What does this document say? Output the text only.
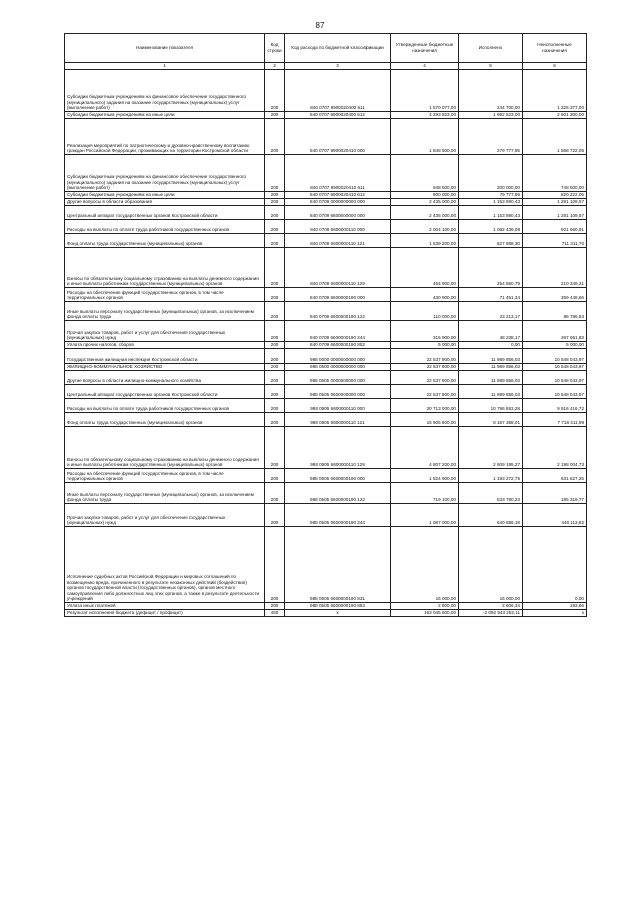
87
Наименование показателя	Код строки	Код расхода по бюджетной классификации	Утвержденные бюджетные назначения	Исполнено	Неисполненные назначения
1	2	3	4	5	6
Субсидии бюджетным учреждениям на финансовое обеспечение государственного (муниципального) задания на оказание государственных (муниципальных) услуг (выполнение работ)	200	840 0707 9900020400 611	1 570 077,00	244 700,00	1 325 377,00
Субсидии бюджетным учреждениям на иные цели	200	840 0707 9900020400 612	4 293 823,00	1 692 523,00	2 601 300,00
Реализация мероприятий по патриотическому и духовно-нравственному воспитанию граждан Российской Федерации, проживающих на территории Костромской области	200	840 0707 9900020410 000	1 848 500,00	279 777,95	1 568 722,05
Субсидии бюджетным учреждениям на финансовое обеспечение государственного (муниципального) задания на оказание государственных (муниципальных) услуг (выполнение работ)	200	840 0707 9900020410 611	948 500,00	200 000,00	748 500,00
Субсидии бюджетным учреждениям на иные цели	200	840 0707 9900020410 612	900 000,00	79 777,95	820 222,05
Другие вопросы в области образования	200	840 0709 0000000000 000	2 435 000,00	1 153 890,43	1 281 109,57
Центральный аппарат государственных органов Костромской области	200	840 0709 6600000000 000	2 435 000,00	1 153 890,43	1 281 109,57
Расходы на выплаты по оплате труда работников государственных органов	200	840 0709 6600000110 000	2 004 100,00	1 082 439,09	921 660,91
Фонд оплаты труда государственных (муниципальных) органов	200	840 0709 6600000110 121	1 539 200,00	827 888,30	711 311,70
Взносы по обязательному социальному страхованию на выплаты денежного содержания и иные выплаты работникам государственных (муниципальных) органов	200	840 0709 6600000110 129	464 900,00	254 550,79	210 349,21
Расходы на обеспечение функций государственных органов, в том числе территориальных органов	200	840 0709 6600000190 000	430 900,00	71 451,34	359 448,66
Иные выплаты персоналу государственных (муниципальных) органов, за исключением фонда оплаты труда	200	840 0709 6600000190 122	110 000,00	23 213,17	86 786,83
Прочая закупка товаров, работ и услуг для обеспечения государственных (муниципальных) нужд	200	840 0709 6600000190 244	315 900,00	48 238,17	267 661,83
Уплата прочих налогов, сборов	200	840 0709 6600000190 852	5 000,00	0,00	5 000,00
Государственная жилищная инспекция Костромской области	200	988 0000 0000000000 000	22 537 900,00	11 989 856,03	10 548 043,97
ЖИЛИЩНО-КОММУНАЛЬНОЕ ХОЗЯЙСТВО	200	988 0500 0000000000 000	22 537 900,00	11 989 856,03	10 548 043,97
Другие вопросы в области жилищно-коммунального хозяйства	200	988 0505 0000000000 000	22 537 900,00	11 989 856,03	10 548 043,97
Центральный аппарат государственных органов Костромской области	200	988 0505 6600000000 000	22 537 900,00	11 989 856,03	10 548 043,97
Расходы на выплаты по оплате труда работников государственных органов	200	988 0505 6600000110 000	20 713 000,00	10 796 583,28	9 916 416,72
Фонд оплаты труда государственных (муниципальных) органов	200	988 0505 6600000110 121	15 905 800,00	8 187 388,01	7 718 411,99
Взносы по обязательному социальному страхованию на выплаты денежного содержания и иные выплаты работникам государственных (муниципальных) органов	200	988 0505 6600000110 129	4 807 200,00	2 609 195,27	2 198 004,73
Расходы на обеспечение функций государственных органов, в том числе территориальных органов	200	988 0505 6600000190 000	1 824 900,00	1 193 272,75	631 627,25
Иные выплаты персоналу государственных (муниципальных) органов, за исключением фонда оплаты труда	200	988 0505 6600000190 122	719 100,00	533 780,23	185 319,77
Прочая закупка товаров, работ и услуг для обеспечения государственных (муниципальных) нужд	200	988 0505 6600000190 244	1 087 000,00	640 886,18	446 113,82
Исполнение судебных актов Российской Федерации и мировых соглашений по возмещению вреда, причиненного в результате незаконных действий (бездействия) органов государственной власти (государственных органов), органов местного самоуправления либо должностных лиц этих органов, а также в результате деятельности учреждений	200	988 0505 6600000190 831	16 000,00	16 000,00	0,00
Уплата иных платежей	200	988 0505 6600000190 853	2 800,00	2 606,34	193,66
Результат исполнения бюджета (дефицит / профицит)	450	x	163 045 600,00	-2 092 943 252,11	x
